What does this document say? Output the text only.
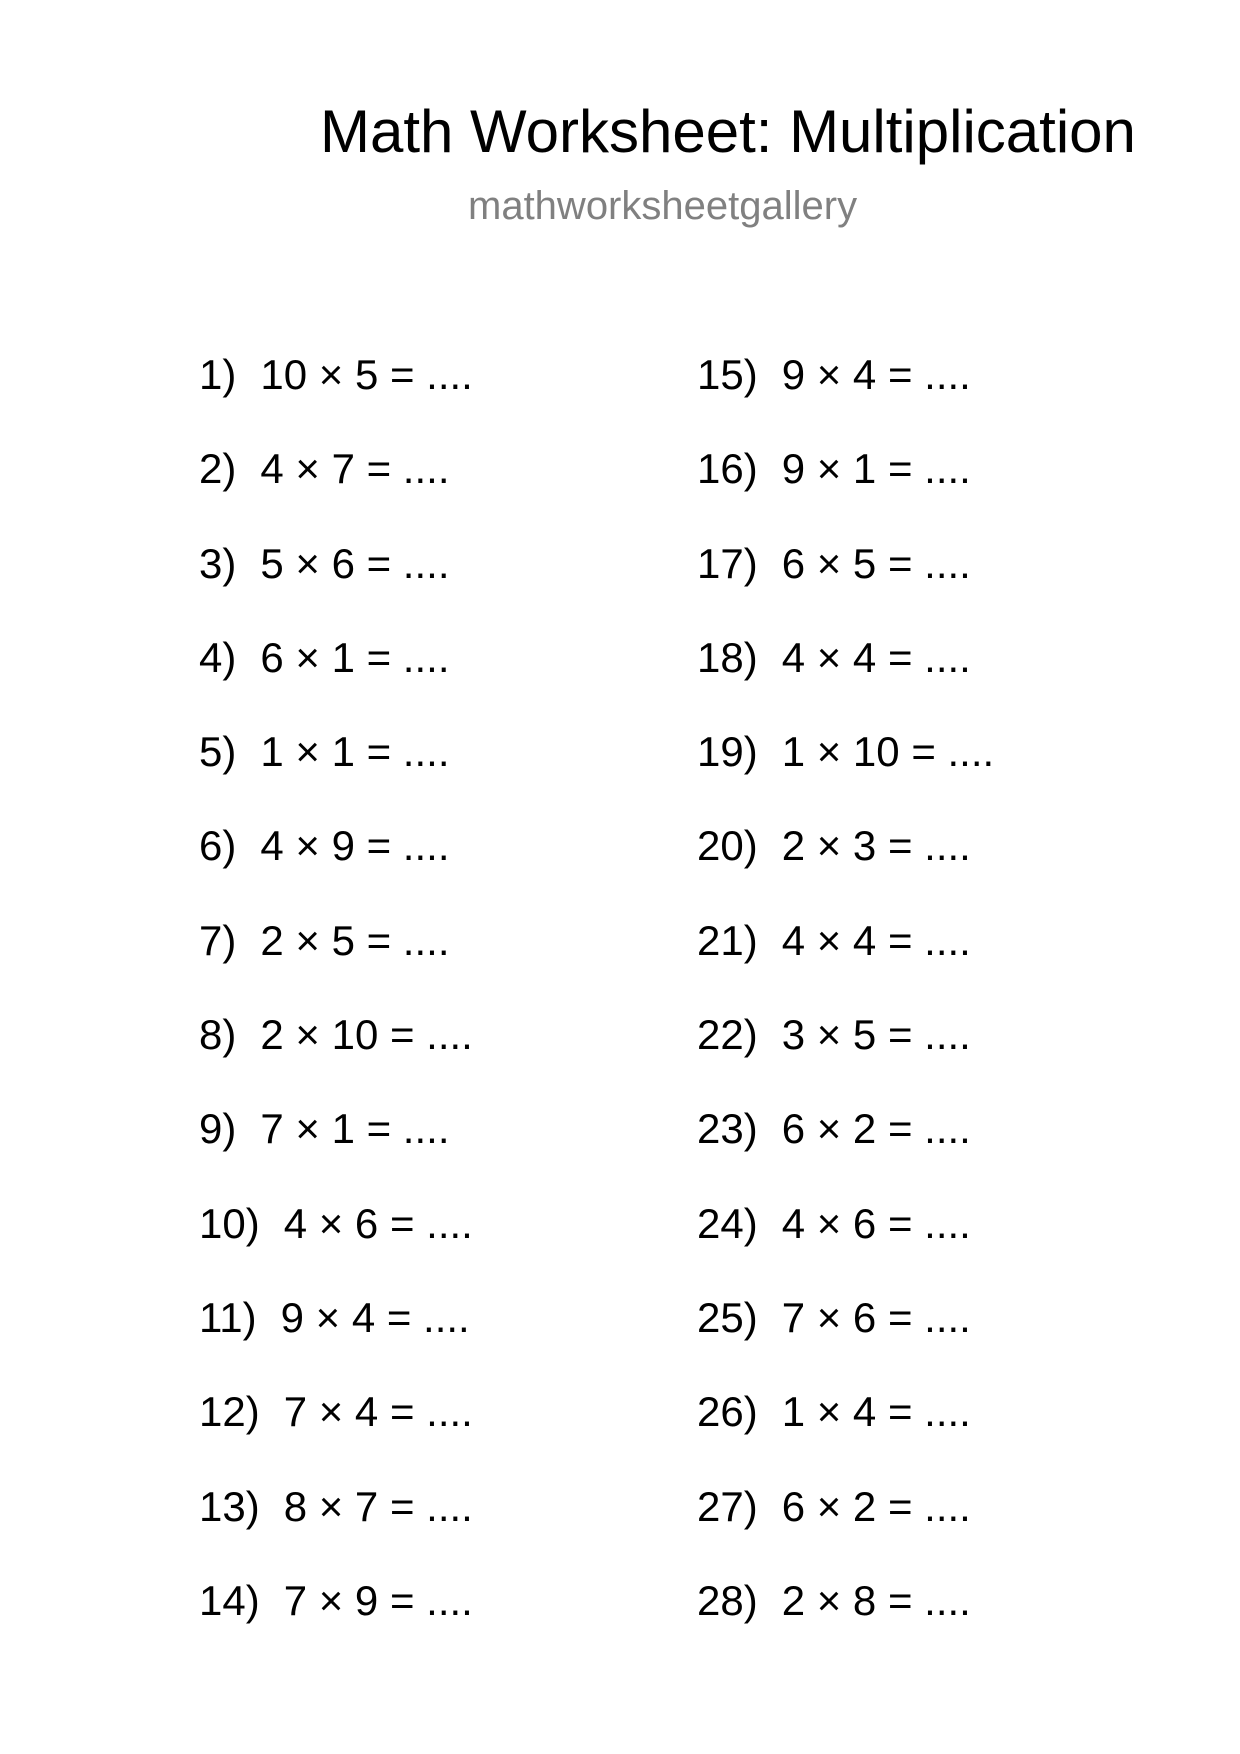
Math Worksheet: Multiplication
mathworksheetgallery
1) 10 × 5 = ....
2) 4 × 7 = ....
3) 5 × 6 = ....
4) 6 × 1 = ....
5) 1 × 1 = ....
6) 4 × 9 = ....
7) 2 × 5 = ....
8) 2 × 10 = ....
9) 7 × 1 = ....
10) 4 × 6 = ....
11) 9 × 4 = ....
12) 7 × 4 = ....
13) 8 × 7 = ....
14) 7 × 9 = ....
15) 9 × 4 = ....
16) 9 × 1 = ....
17) 6 × 5 = ....
18) 4 × 4 = ....
19) 1 × 10 = ....
20) 2 × 3 = ....
21) 4 × 4 = ....
22) 3 × 5 = ....
23) 6 × 2 = ....
24) 4 × 6 = ....
25) 7 × 6 = ....
26) 1 × 4 = ....
27) 6 × 2 = ....
28) 2 × 8 = ....
